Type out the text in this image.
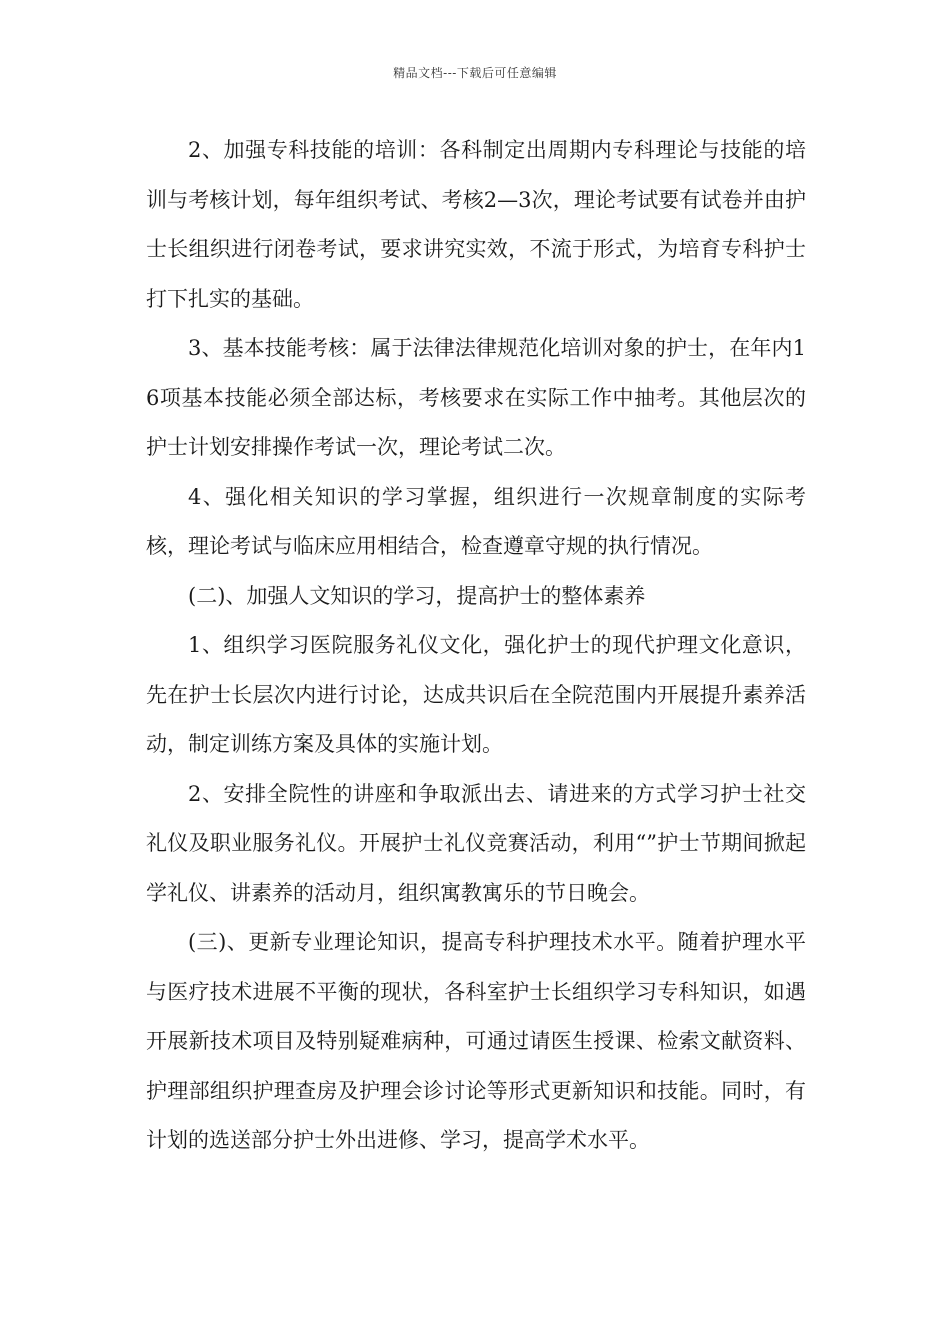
精品文档---下载后可任意编辑

2、加强专科技能的培训：各科制定出周期内专科理论与技能的培训与考核计划，每年组织考试、考核2—3次，理论考试要有试卷并由护士长组织进行闭卷考试，要求讲究实效，不流于形式，为培育专科护士打下扎实的基础。

3、基本技能考核：属于法律法律规范化培训对象的护士，在年内16项基本技能必须全部达标，考核要求在实际工作中抽考。其他层次的护士计划安排操作考试一次，理论考试二次。

4、强化相关知识的学习掌握，组织进行一次规章制度的实际考核，理论考试与临床应用相结合，检查遵章守规的执行情况。

(二)、加强人文知识的学习，提高护士的整体素养

1、组织学习医院服务礼仪文化，强化护士的现代护理文化意识，先在护士长层次内进行讨论，达成共识后在全院范围内开展提升素养活动，制定训练方案及具体的实施计划。

2、安排全院性的讲座和争取派出去、请进来的方式学习护士社交礼仪及职业服务礼仪。开展护士礼仪竞赛活动，利用“”护士节期间掀起学礼仪、讲素养的活动月，组织寓教寓乐的节日晚会。

(三)、更新专业理论知识，提高专科护理技术水平。随着护理水平与医疗技术进展不平衡的现状，各科室护士长组织学习专科知识，如遇开展新技术项目及特别疑难病种，可通过请医生授课、检索文献资料、护理部组织护理查房及护理会诊讨论等形式更新知识和技能。同时，有计划的选送部分护士外出进修、学习，提高学术水平。
